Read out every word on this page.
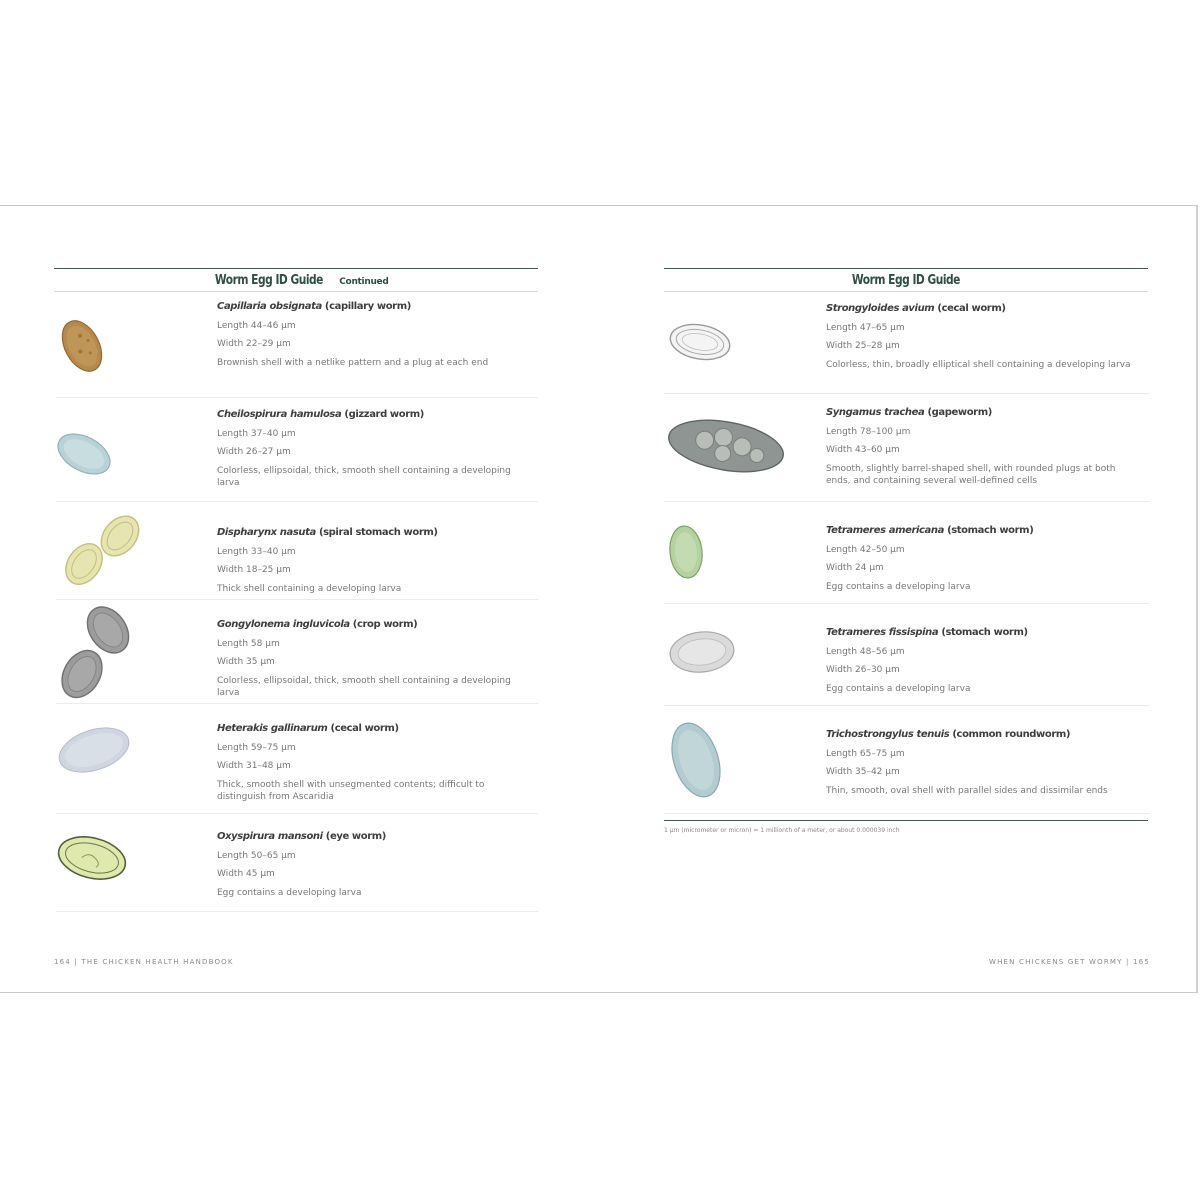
Worm Egg ID Guide Continued
Capillaria obsignata (capillary worm)
Length 44–46 μm
Width 22–29 μm
Brownish shell with a netlike pattern and a plug at each end
Cheilospirura hamulosa (gizzard worm)
Length 37–40 μm
Width 26–27 μm
Colorless, ellipsoidal, thick, smooth shell containing a developing larva
Dispharynx nasuta (spiral stomach worm)
Length 33–40 μm
Width 18–25 μm
Thick shell containing a developing larva
Gongylonema ingluvicola (crop worm)
Length 58 μm
Width 35 μm
Colorless, ellipsoidal, thick, smooth shell containing a developing larva
Heterakis gallinarum (cecal worm)
Length 59–75 μm
Width 31–48 μm
Thick, smooth shell with unsegmented contents; difficult to distinguish from Ascaridia
Oxyspirura mansoni (eye worm)
Length 50–65 μm
Width 45 μm
Egg contains a developing larva
164 | THE CHICKEN HEALTH HANDBOOK
Worm Egg ID Guide
1 μm (micrometer or micron) = 1 millionth of a meter, or about 0.000039 inch
WHEN CHICKENS GET WORMY | 165
Strongyloides avium (cecal worm)
Length 47–65 μm
Width 25–28 μm
Colorless, thin, broadly elliptical shell containing a developing larva
Syngamus trachea (gapeworm)
Length 78–100 μm
Width 43–60 μm
Smooth, slightly barrel-shaped shell, with rounded plugs at both ends, and containing several well-defined cells
Tetrameres americana (stomach worm)
Length 42–50 μm
Width 24 μm
Egg contains a developing larva
Tetrameres fissispina (stomach worm)
Length 48–56 μm
Width 26–30 μm
Egg contains a developing larva
Trichostrongylus tenuis (common roundworm)
Length 65–75 μm
Width 35–42 μm
Thin, smooth, oval shell with parallel sides and dissimilar ends
